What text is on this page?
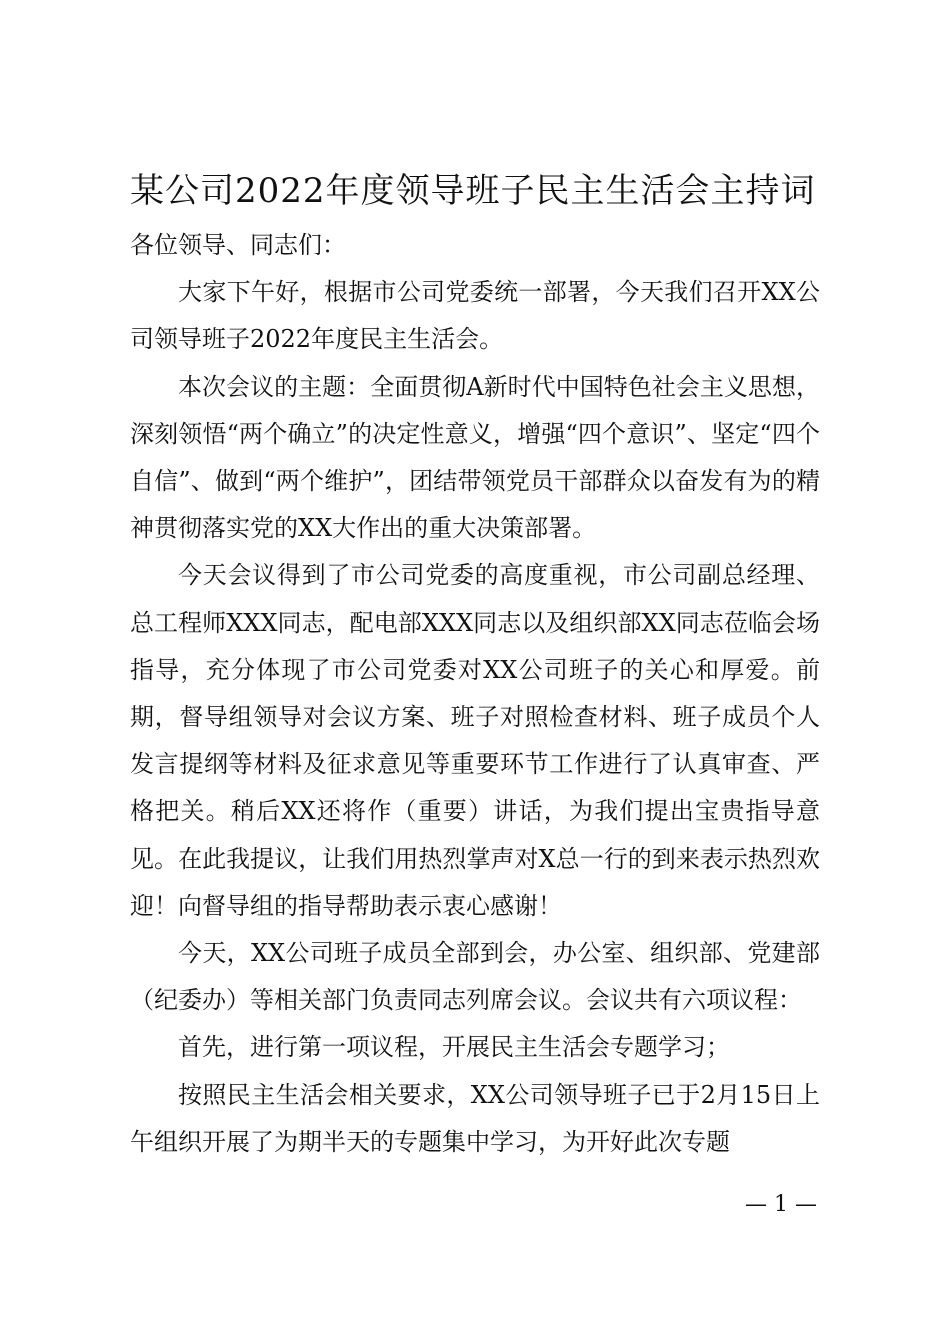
某公司2022年度领导班子民主生活会主持词

各位领导、同志们：

大家下午好，根据市公司党委统一部署，今天我们召开XX公司领导班子2022年度民主生活会。

本次会议的主题：全面贯彻A新时代中国特色社会主义思想，深刻领悟“两个确立”的决定性意义，增强“四个意识”、坚定“四个自信”、做到“两个维护”，团结带领党员干部群众以奋发有为的精神贯彻落实党的XX大作出的重大决策部署。

今天会议得到了市公司党委的高度重视，市公司副总经理、总工程师XXX同志，配电部XXX同志以及组织部XX同志莅临会场指导，充分体现了市公司党委对XX公司班子的关心和厚爱。前期，督导组领导对会议方案、班子对照检查材料、班子成员个人发言提纲等材料及征求意见等重要环节工作进行了认真审查、严格把关。稍后XX还将作（重要）讲话，为我们提出宝贵指导意见。在此我提议，让我们用热烈掌声对X总一行的到来表示热烈欢迎！向督导组的指导帮助表示衷心感谢！

今天，XX公司班子成员全部到会，办公室、组织部、党建部（纪委办）等相关部门负责同志列席会议。会议共有六项议程：

首先，进行第一项议程，开展民主生活会专题学习；

按照民主生活会相关要求，XX公司领导班子已于2月15日上午组织开展了为期半天的专题集中学习，为开好此次专题

— 1 —
